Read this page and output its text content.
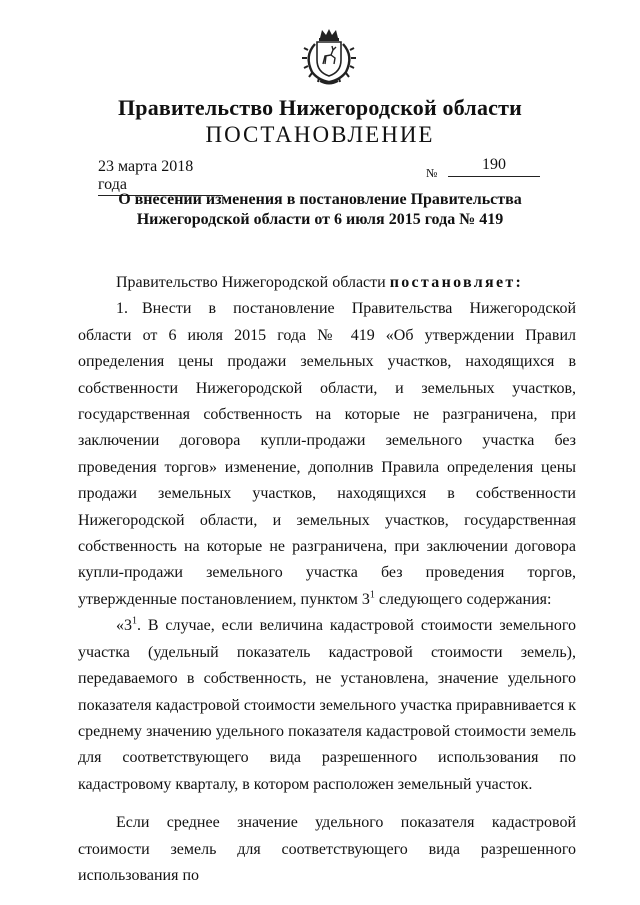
Правительство Нижегородской области
ПОСТАНОВЛЕНИЕ
23 марта 2018 года
№	190
О внесении изменения в постановление Правительства
Нижегородской области от 6 июля 2015 года № 419

Правительство Нижегородской области постановляет:

1. Внести в постановление Правительства Нижегородской области от 6 июля 2015 года № 419 «Об утверждении Правил определения цены продажи земельных участков, находящихся в собственности Нижегородской области, и земельных участков, государственная собственность на которые не разграничена, при заключении договора купли-продажи земельного участка без проведения торгов» изменение, дополнив Правила определения цены продажи земельных участков, находящихся в собственности Нижегородской области, и земельных участков, государственная собственность на которые не разграничена, при заключении договора купли-продажи земельного участка без проведения торгов, утвержденные постановлением, пунктом $3^1$ следующего содержания:

«$3^1$. В случае, если величина кадастровой стоимости земельного участка (удельный показатель кадастровой стоимости земель), передаваемого в собственность, не установлена, значение удельного показателя кадастровой стоимости земельного участка приравнивается к среднему значению удельного показателя кадастровой стоимости земель для соответствующего вида разрешенного использования по кадастровому кварталу, в котором расположен земельный участок.

Если среднее значение удельного показателя кадастровой стоимости земель для соответствующего вида разрешенного использования по
